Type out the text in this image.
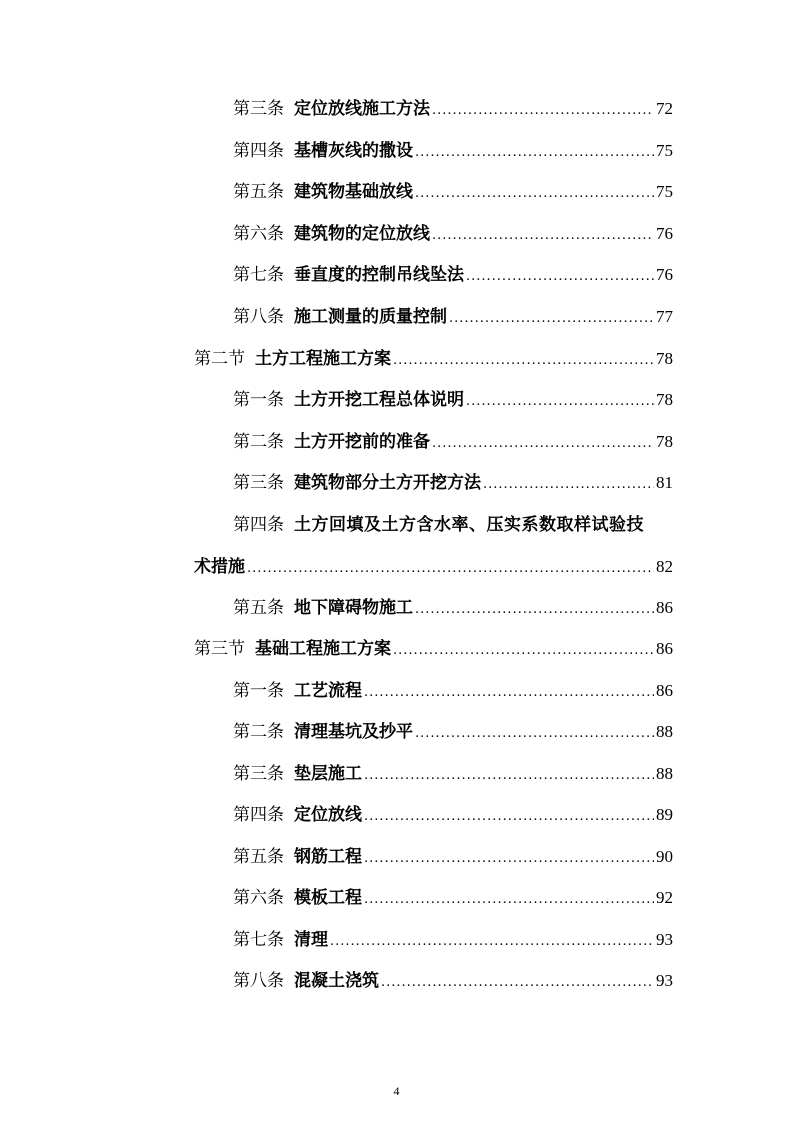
第三条 定位放线施工方法 .....	72
第四条 基槽灰线的撒设 .....	75
第五条 建筑物基础放线 .....	75
第六条 建筑物的定位放线 .....	76
第七条 垂直度的控制吊线坠法 .....	76
第八条 施工测量的质量控制 .....	77
第二节 土方工程施工方案 .....	78
第一条 土方开挖工程总体说明 .....	78
第二条 土方开挖前的准备 .....	78
第三条 建筑物部分土方开挖方法 .....	81
第四条 土方回填及土方含水率、压实系数取样试验技
术措施 .....	82
第五条 地下障碍物施工 .....	86
第三节 基础工程施工方案 .....	86
第一条 工艺流程 .....	86
第二条 清理基坑及抄平 .....	88
第三条 垫层施工 .....	88
第四条 定位放线 .....	89
第五条 钢筋工程 .....	90
第六条 模板工程 .....	92
第七条 清理 .....	93
第八条 混凝土浇筑 .....	93
4
